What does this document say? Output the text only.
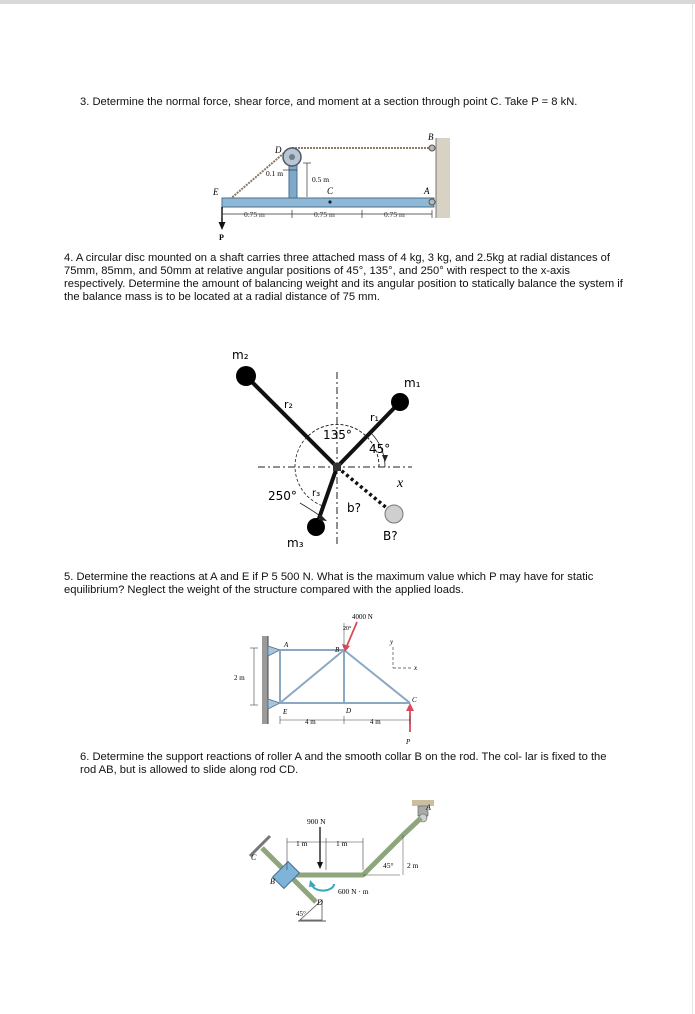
3. Determine the normal force, shear force, and moment at a section through point C. Take P = 8 kN.

B
D
E	C	A
P
0.1 m
0.5 m
0.75 m	0.75 m	0.75 m

4. A circular disc mounted on a shaft carries three attached mass of 4 kg, 3 kg, and 2.5kg at radial distances of 75mm, 85mm, and 50mm at relative angular positions of 45°, 135°, and 250° with respect to the x-axis respectively. Determine the amount of balancing weight and its angular position to statically balance the system if the balance mass is to be located at a radial distance of 75 mm.

m₂
m₁
m₃
r₂
r₁
r₃
135°
45°
250°
x
b?
B?

5. Determine the reactions at A and E if P 5 500 N. What is the maximum value which P may have for static equilibrium? Neglect the weight of the structure compared with the applied loads.

4000 N
20°
A
B
C
D
E
P
y
x
2 m
4 m	4 m

6. Determine the support reactions of roller A and the smooth collar B on the rod. The col- lar is fixed to the rod AB, but is allowed to slide along rod CD.

A
B
C
D
900 N
600 N · m
1 m	1 m
45° 2 m
45°
